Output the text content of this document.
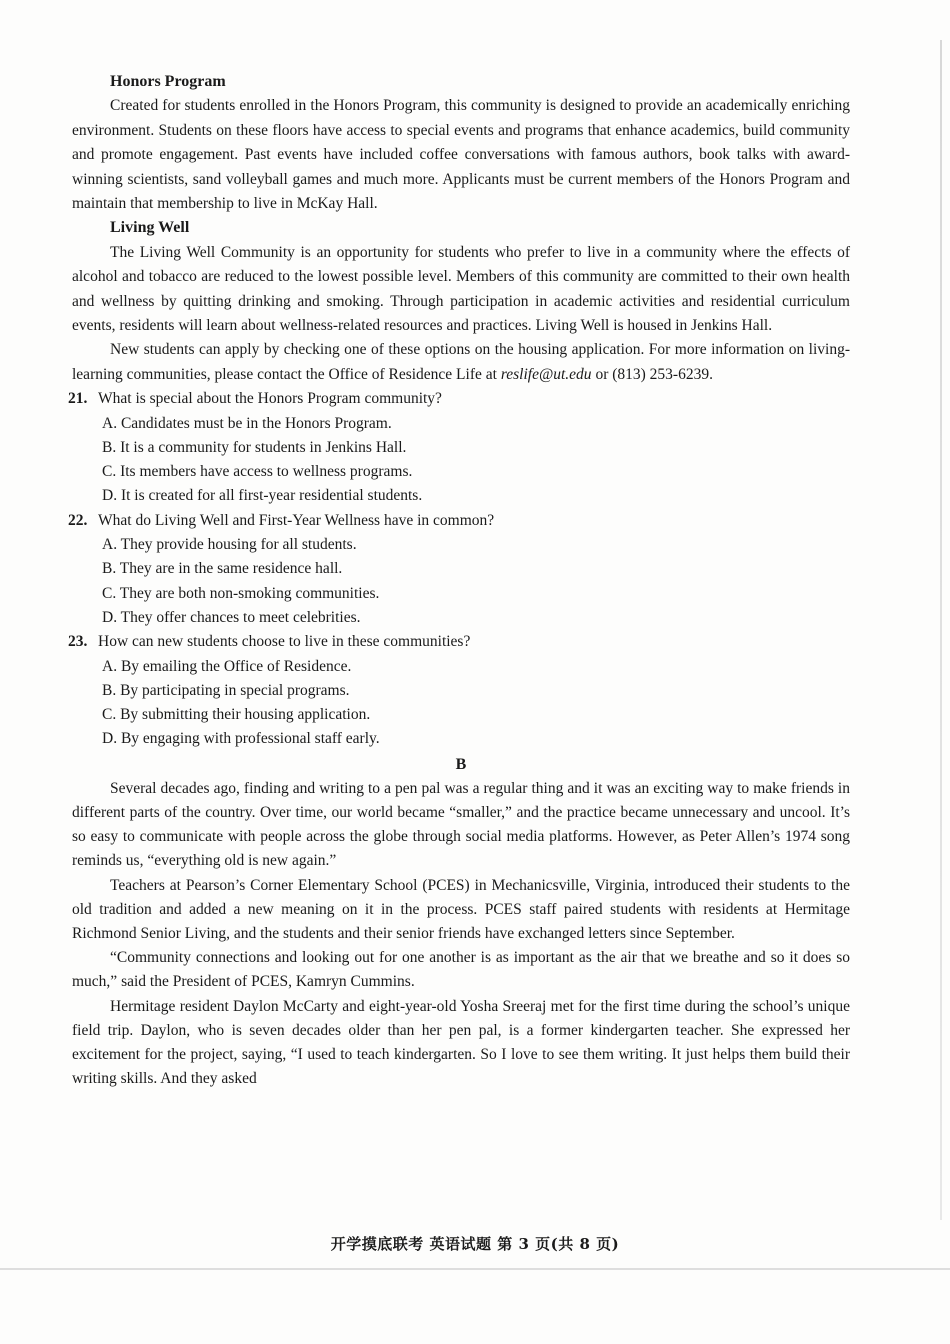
Honors Program

Created for students enrolled in the Honors Program, this community is designed to provide an academically enriching environment. Students on these floors have access to special events and programs that enhance academics, build community and promote engagement. Past events have included coffee conversations with famous authors, book talks with award-winning scientists, sand volleyball games and much more. Applicants must be current members of the Honors Program and maintain that membership to live in McKay Hall.

Living Well

The Living Well Community is an opportunity for students who prefer to live in a community where the effects of alcohol and tobacco are reduced to the lowest possible level. Members of this community are committed to their own health and wellness by quitting drinking and smoking. Through participation in academic activities and residential curriculum events, residents will learn about wellness-related resources and practices. Living Well is housed in Jenkins Hall.

New students can apply by checking one of these options on the housing application. For more information on living-learning communities, please contact the Office of Residence Life at reslife@ut.edu or (813) 253-6239.

21. What is special about the Honors Program community?
A. Candidates must be in the Honors Program.
B. It is a community for students in Jenkins Hall.
C. Its members have access to wellness programs.
D. It is created for all first-year residential students.
22. What do Living Well and First-Year Wellness have in common?
A. They provide housing for all students.
B. They are in the same residence hall.
C. They are both non-smoking communities.
D. They offer chances to meet celebrities.
23. How can new students choose to live in these communities?
A. By emailing the Office of Residence.
B. By participating in special programs.
C. By submitting their housing application.
D. By engaging with professional staff early.
B

Several decades ago, finding and writing to a pen pal was a regular thing and it was an exciting way to make friends in different parts of the country. Over time, our world became “smaller,” and the practice became unnecessary and uncool. It’s so easy to communicate with people across the globe through social media platforms. However, as Peter Allen’s 1974 song reminds us, “everything old is new again.”

Teachers at Pearson’s Corner Elementary School (PCES) in Mechanicsville, Virginia, introduced their students to the old tradition and added a new meaning on it in the process. PCES staff paired students with residents at Hermitage Richmond Senior Living, and the students and their senior friends have exchanged letters since September.

“Community connections and looking out for one another is as important as the air that we breathe and so it does so much,” said the President of PCES, Kamryn Cummins.

Hermitage resident Daylon McCarty and eight-year-old Yosha Sreeraj met for the first time during the school’s unique field trip. Daylon, who is seven decades older than her pen pal, is a former kindergarten teacher. She expressed her excitement for the project, saying, “I used to teach kindergarten. So I love to see them writing. It just helps them build their writing skills. And they asked

开学摸底联考 英语试题 第 3 页(共 8 页)
